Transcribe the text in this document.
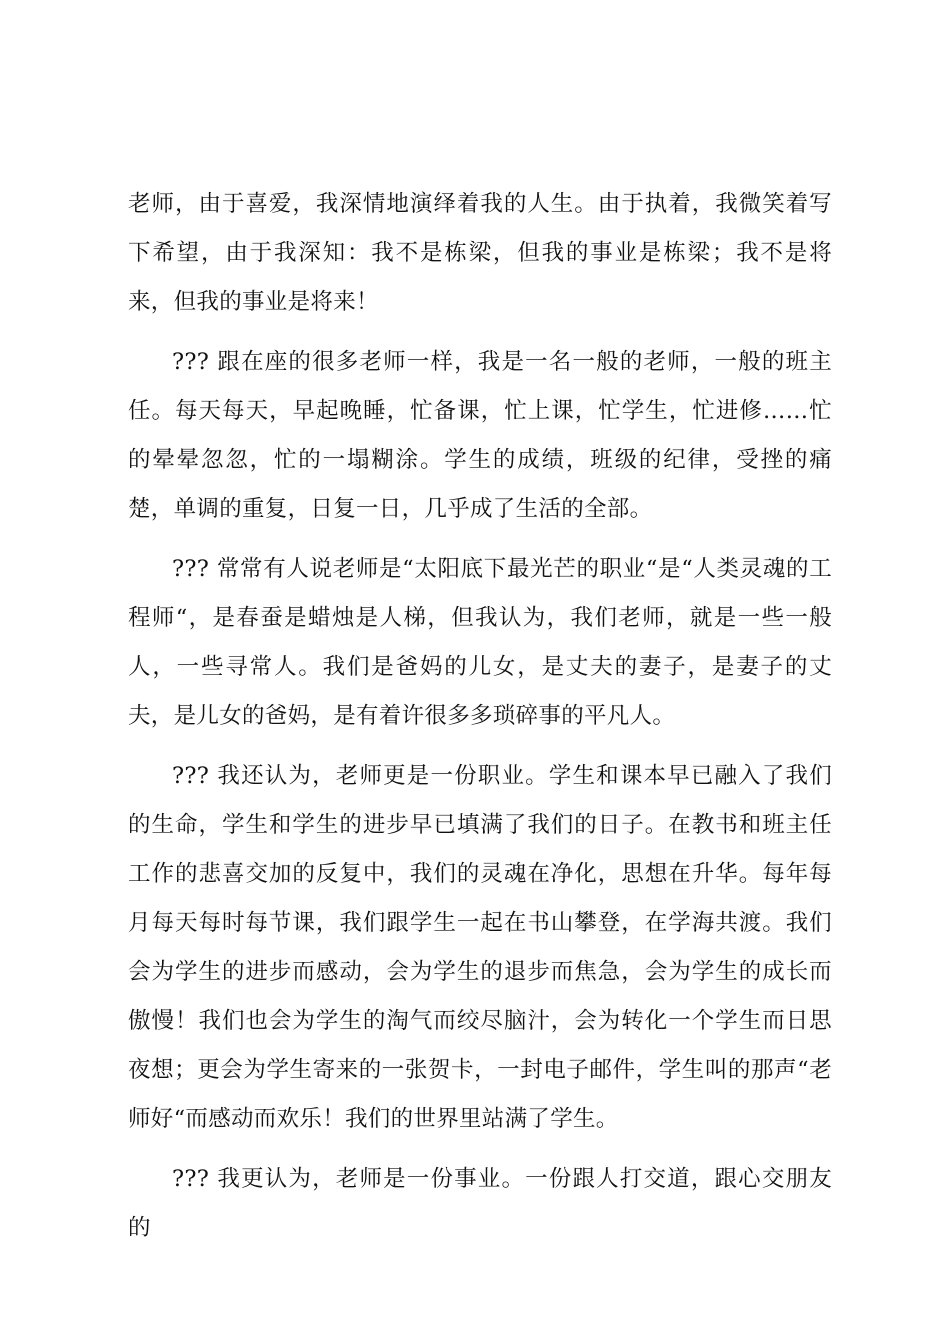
老师，由于喜爱，我深情地演绎着我的人生。由于执着，我微笑着写下希望，由于我深知：我不是栋梁，但我的事业是栋梁；我不是将来，但我的事业是将来！

??? 跟在座的很多老师一样，我是一名一般的老师，一般的班主任。每天每天，早起晚睡，忙备课，忙上课，忙学生，忙进修……忙的晕晕忽忽，忙的一塌糊涂。学生的成绩，班级的纪律，受挫的痛楚，单调的重复，日复一日，几乎成了生活的全部。

??? 常常有人说老师是“太阳底下最光芒的职业“是“人类灵魂的工程师“，是春蚕是蜡烛是人梯，但我认为，我们老师，就是一些一般人，一些寻常人。我们是爸妈的儿女，是丈夫的妻子，是妻子的丈夫，是儿女的爸妈，是有着许很多多琐碎事的平凡人。

??? 我还认为，老师更是一份职业。学生和课本早已融入了我们的生命，学生和学生的进步早已填满了我们的日子。在教书和班主任工作的悲喜交加的反复中，我们的灵魂在净化，思想在升华。每年每月每天每时每节课，我们跟学生一起在书山攀登，在学海共渡。我们会为学生的进步而感动，会为学生的退步而焦急，会为学生的成长而傲慢！我们也会为学生的淘气而绞尽脑汁，会为转化一个学生而日思夜想；更会为学生寄来的一张贺卡，一封电子邮件，学生叫的那声“老师好“而感动而欢乐！我们的世界里站满了学生。

??? 我更认为，老师是一份事业。一份跟人打交道，跟心交朋友的
